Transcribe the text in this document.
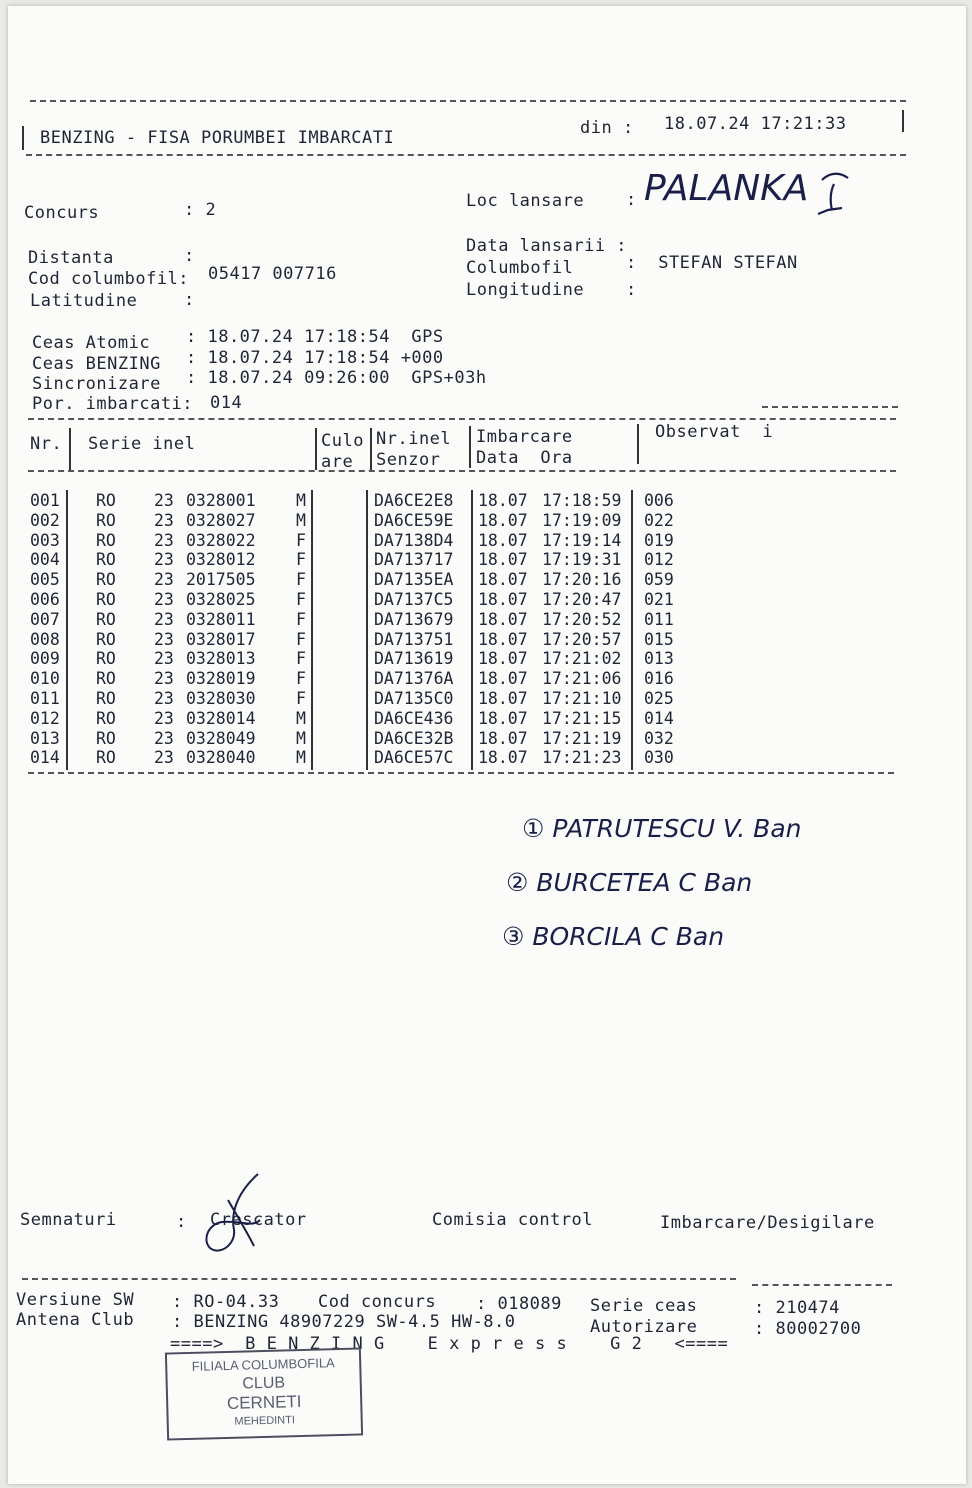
BENZING - FISA PORUMBEI IMBARCATI	din : 18.07.24 17:21:33
Concurs	: 2	Loc lansare : PALANKA
Distanta	:
Cod columbofil: 05417 007716
Latitudine	:
Data lansarii :
Columbofil	:  STEFAN STEFAN
Longitudine :
Ceas Atomic : 18.07.24 17:18:54  GPS
Ceas BENZING : 18.07.24 17:18:54 +000
Sincronizare : 18.07.24 09:26:00  GPS+03h
Por. imbarcati: 014
Nr. Serie inel	Culo
are
Nr.inel
Senzor
Imbarcare
Data  Ora
Observat  i
001 RO 23 0328001 M	DA6CE2E8 18.07 17:18:59 006
002 RO 23 0328027 M	DA6CE59E 18.07 17:19:09 022
003 RO 23 0328022 F	DA7138D4 18.07 17:19:14 019
004 RO 23 0328012 F	DA713717 18.07 17:19:31 012
005 RO 23 2017505 F	DA7135EA 18.07 17:20:16 059
006 RO 23 0328025 F	DA7137C5 18.07 17:20:47 021
007 RO 23 0328011 F	DA713679 18.07 17:20:52 011
008 RO 23 0328017 F	DA713751 18.07 17:20:57 015
009 RO 23 0328013 F	DA713619 18.07 17:21:02 013
010 RO 23 0328019 F	DA71376A 18.07 17:21:06 016
011 RO 23 0328030 F	DA7135C0 18.07 17:21:10 025
012 RO 23 0328014 M	DA6CE436 18.07 17:21:15 014
013 RO 23 0328049 M	DA6CE32B 18.07 17:21:19 032
014 RO 23 0328040 M	DA6CE57C 18.07 17:21:23 030
① PATRUTESCU V. Ban
② BURCETEA C Ban
③ BORCILA C Ban
Semnaturi	: Crescator	Comisia control	Imbarcare/Desigilare
Versiune SW : RO-04.33 Cod concurs : 018089 Serie ceas	: 210474
Antena Club : BENZING 48907229 SW-4.5 HW-8.0	Autorizare	: 80002700
====>  B E N Z I N G    E x p r e s s    G 2   <====
FILIALA COLUMBOFILA
CLUB
CERNETI
MEHEDINTI
